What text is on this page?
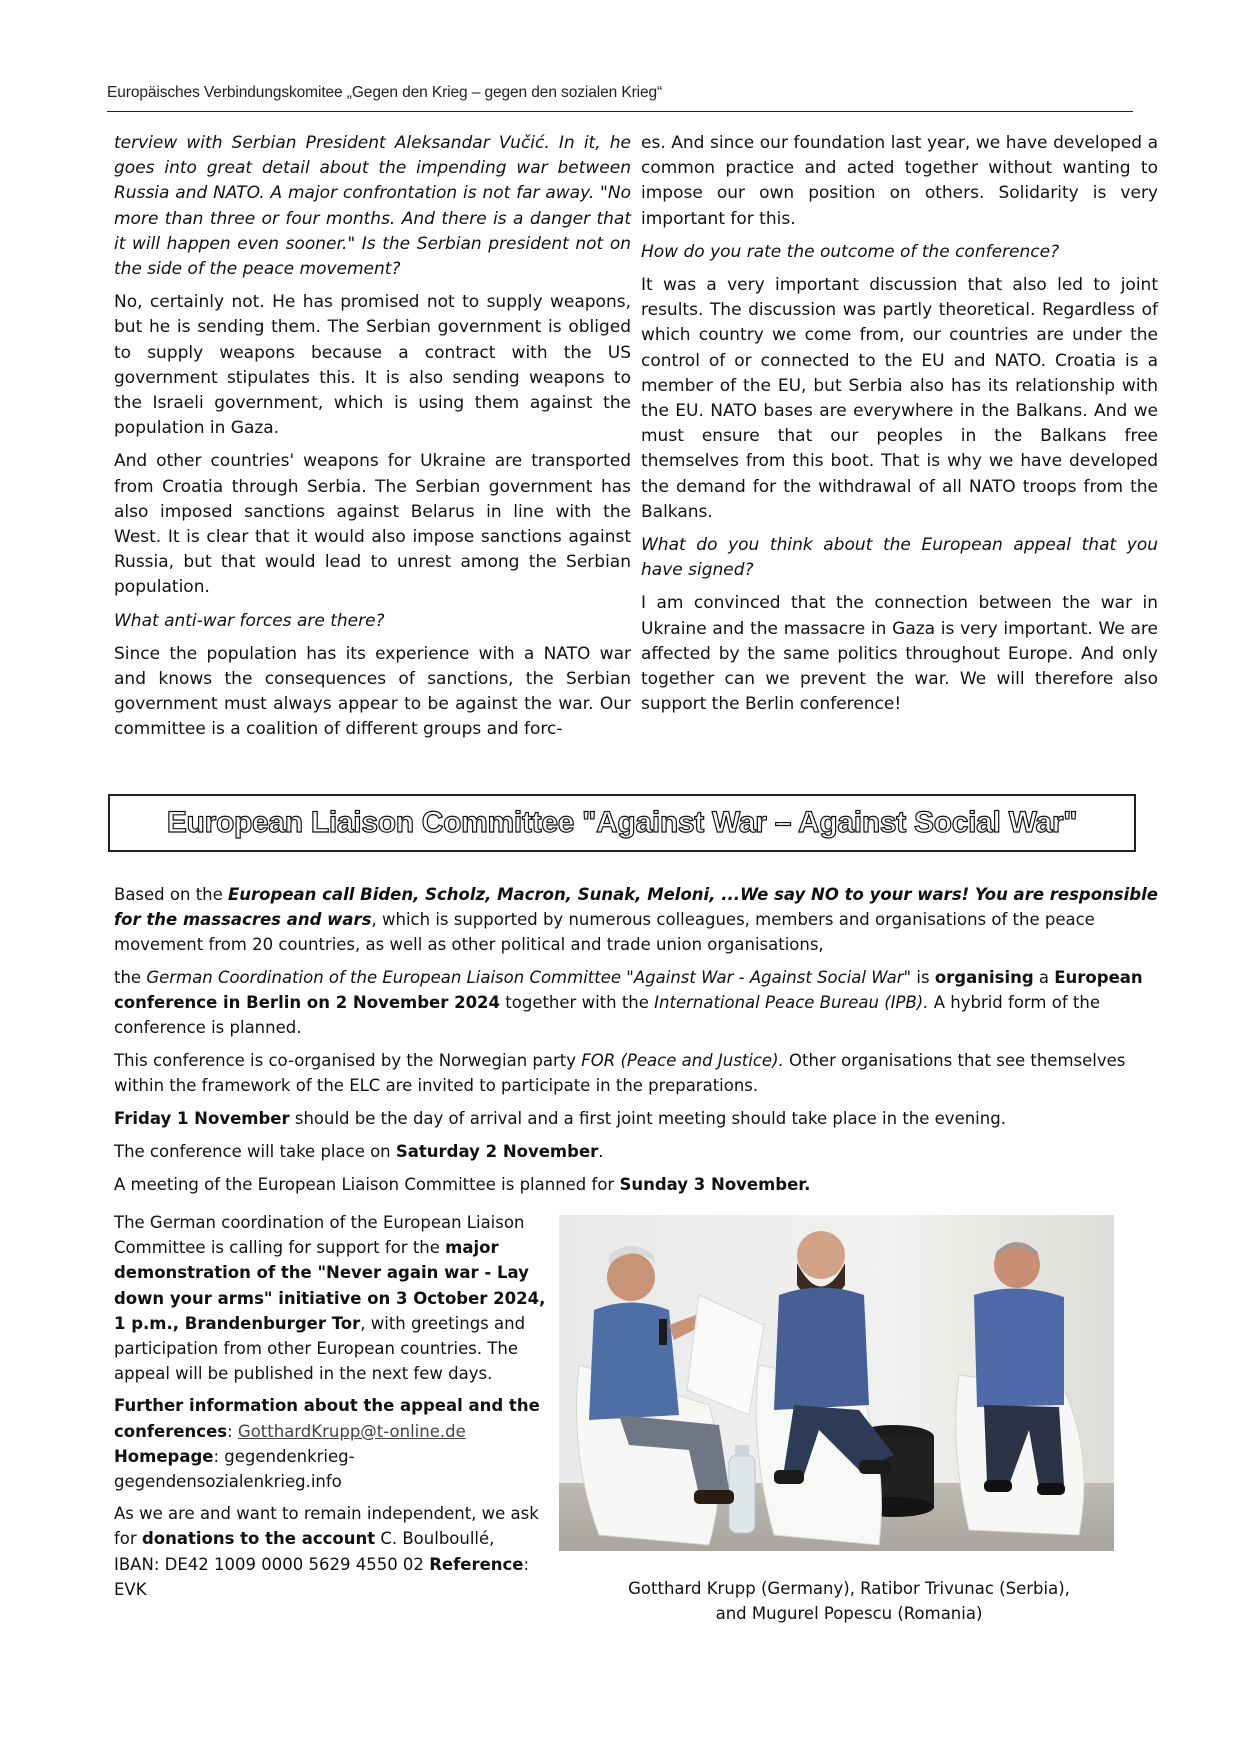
Europäisches Verbindungskomitee „Gegen den Krieg – gegen den sozialen Krieg“

terview with Serbian President Aleksandar Vučić. In it, he goes into great detail about the impending war between Russia and NATO. A major confrontation is not far away. "No more than three or four months. And there is a danger that it will happen even sooner." Is the Serbian president not on the side of the peace movement?

No, certainly not. He has promised not to supply weapons, but he is sending them. The Serbian government is obliged to supply weapons because a contract with the US government stipulates this. It is also sending weapons to the Israeli government, which is using them against the population in Gaza.

And other countries' weapons for Ukraine are transported from Croatia through Serbia. The Serbian government has also imposed sanctions against Belarus in line with the West. It is clear that it would also impose sanctions against Russia, but that would lead to unrest among the Serbian population.

What anti-war forces are there?

Since the population has its experience with a NATO war and knows the consequences of sanctions, the Serbian government must always appear to be against the war. Our committee is a coalition of different groups and forc-

es. And since our foundation last year, we have developed a common practice and acted together without wanting to impose our own position on others. Solidarity is very important for this.

How do you rate the outcome of the conference?

It was a very important discussion that also led to joint results. The discussion was partly theoretical. Regardless of which country we come from, our countries are under the control of or connected to the EU and NATO. Croatia is a member of the EU, but Serbia also has its relationship with the EU. NATO bases are everywhere in the Balkans. And we must ensure that our peoples in the Balkans free themselves from this boot. That is why we have developed the demand for the withdrawal of all NATO troops from the Balkans.

What do you think about the European appeal that you have signed?

I am convinced that the connection between the war in Ukraine and the massacre in Gaza is very important. We are affected by the same politics throughout Europe. And only together can we prevent the war. We will therefore also support the Berlin conference!

European Liaison Committee "Against War – Against Social War"

Based on the European call Biden, Scholz, Macron, Sunak, Meloni, ...We say NO to your wars! You are responsible for the massacres and wars, which is supported by numerous colleagues, members and organisations of the peace movement from 20 countries, as well as other political and trade union organisations,

the German Coordination of the European Liaison Committee "Against War - Against Social War" is organising a European conference in Berlin on 2 November 2024 together with the International Peace Bureau (IPB). A hybrid form of the conference is planned.

This conference is co-organised by the Norwegian party FOR (Peace and Justice). Other organisations that see themselves within the framework of the ELC are invited to participate in the preparations.

Friday 1 November should be the day of arrival and a first joint meeting should take place in the evening.

The conference will take place on Saturday 2 November.

A meeting of the European Liaison Committee is planned for Sunday 3 November.

The German coordination of the European Liaison Committee is calling for support for the major demonstration of the "Never again war - Lay down your arms" initiative on 3 October 2024, 1 p.m., Brandenburger Tor, with greetings and participation from other European countries. The appeal will be published in the next few days.

Further information about the appeal and the conferences: GotthardKrupp@t-online.de
Homepage: gegendenkrieg-gegendensozialenkrieg.info

As we are and want to remain independent, we ask for donations to the account C. Boulboullé,
IBAN: DE42 1009 0000 5629 4550 02 Reference: EVK	Gotthard Krupp (Germany), Ratibor Trivunac (Serbia),
and Mugurel Popescu (Romania)
